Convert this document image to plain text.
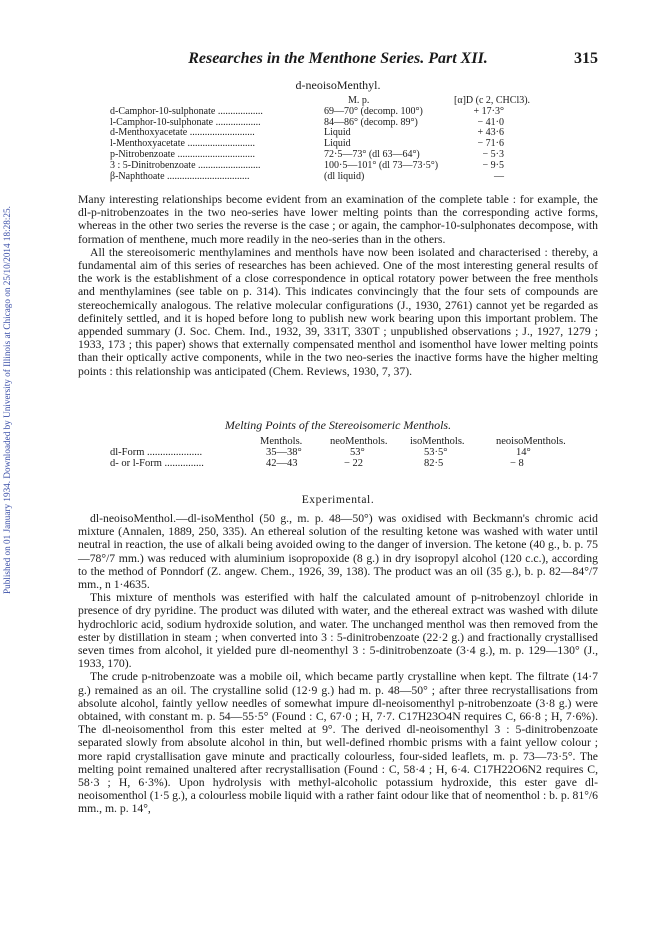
Published on 01 January 1934. Downloaded by University of Illinois at Chicago on 25/10/2014 18:28:25.
Researches in the Menthone Series. Part XII.	315
d-neoisoMenthyl.
M. p.	[α]D (c 2, CHCl3).
d-Camphor-10-sulphonate ..................	69—70° (decomp. 100°)	+ 17·3°
l-Camphor-10-sulphonate ..................	84—86° (decomp. 89°)	− 41·0
d-Menthoxyacetate ..........................	Liquid	+ 43·6
l-Menthoxyacetate ...........................	Liquid	− 71·6
p-Nitrobenzoate ...............................	72·5—73° (dl 63—64°)	− 5·3
3 : 5-Dinitrobenzoate .........................	100·5—101° (dl 73—73·5°)	− 9·5
β-Naphthoate .................................	(dl liquid)	—

Many interesting relationships become evident from an examination of the complete table : for example, the dl-p-nitrobenzoates in the two neo-series have lower melting points than the corresponding active forms, whereas in the other two series the reverse is the case ; or again, the camphor-10-sulphonates decompose, with formation of menthene, much more readily in the neo-series than in the others.

All the stereoisomeric menthylamines and menthols have now been isolated and characterised : thereby, a fundamental aim of this series of researches has been achieved. One of the most interesting general results of the work is the establishment of a close correspondence in optical rotatory power between the free menthols and menthylamines (see table on p. 314). This indicates convincingly that the four sets of compounds are stereochemically analogous. The relative molecular configurations (J., 1930, 2761) cannot yet be regarded as definitely settled, and it is hoped before long to publish new work bearing upon this important problem. The appended summary (J. Soc. Chem. Ind., 1932, 39, 331T, 330T ; unpublished observations ; J., 1927, 1279 ; 1933, 173 ; this paper) shows that externally compensated menthol and isomenthol have lower melting points than their optically active components, while in the two neo-series the inactive forms have the higher melting points : this relationship was anticipated (Chem. Reviews, 1930, 7, 37).

Melting Points of the Stereoisomeric Menthols.
Menthols.	neoMenthols. isoMenthols.	neoisoMenthols.
dl-Form .....................	35—38°	53°	53·5°	14°
d- or l-Form ...............	42—43	− 22	82·5	− 8
Experimental.

dl-neoisoMenthol.—dl-isoMenthol (50 g., m. p. 48—50°) was oxidised with Beckmann's chromic acid mixture (Annalen, 1889, 250, 335). An ethereal solution of the resulting ketone was washed with water until neutral in reaction, the use of alkali being avoided owing to the danger of inversion. The ketone (40 g., b. p. 75—78°/7 mm.) was reduced with aluminium isopropoxide (8 g.) in dry isopropyl alcohol (120 c.c.), according to the method of Ponndorf (Z. angew. Chem., 1926, 39, 138). The product was an oil (35 g.), b. p. 82—84°/7 mm., n 1·4635.

This mixture of menthols was esterified with half the calculated amount of p-nitrobenzoyl chloride in presence of dry pyridine. The product was diluted with water, and the ethereal extract was washed with dilute hydrochloric acid, sodium hydroxide solution, and water. The unchanged menthol was then removed from the ester by distillation in steam ; when converted into 3 : 5-dinitrobenzoate (22·2 g.) and fractionally crystallised seven times from alcohol, it yielded pure dl-neomenthyl 3 : 5-dinitrobenzoate (3·4 g.), m. p. 129—130° (J., 1933, 170).

The crude p-nitrobenzoate was a mobile oil, which became partly crystalline when kept. The filtrate (14·7 g.) remained as an oil. The crystalline solid (12·9 g.) had m. p. 48—50° ; after three recrystallisations from absolute alcohol, faintly yellow needles of somewhat impure dl-neoisomenthyl p-nitrobenzoate (3·8 g.) were obtained, with constant m. p. 54—55·5° (Found : C, 67·0 ; H, 7·7. C17H23O4N requires C, 66·8 ; H, 7·6%). The dl-neoisomenthol from this ester melted at 9°. The derived dl-neoisomenthyl 3 : 5-dinitrobenzoate separated slowly from absolute alcohol in thin, but well-defined rhombic prisms with a faint yellow colour ; more rapid crystallisation gave minute and practically colourless, four-sided leaflets, m. p. 73—73·5°. The melting point remained unaltered after recrystallisation (Found : C, 58·4 ; H, 6·4. C17H22O6N2 requires C, 58·3 ; H, 6·3%). Upon hydrolysis with methyl-alcoholic potassium hydroxide, this ester gave dl-neoisomenthol (1·5 g.), a colourless mobile liquid with a rather faint odour like that of neomenthol : b. p. 81°/6 mm., m. p. 14°,
